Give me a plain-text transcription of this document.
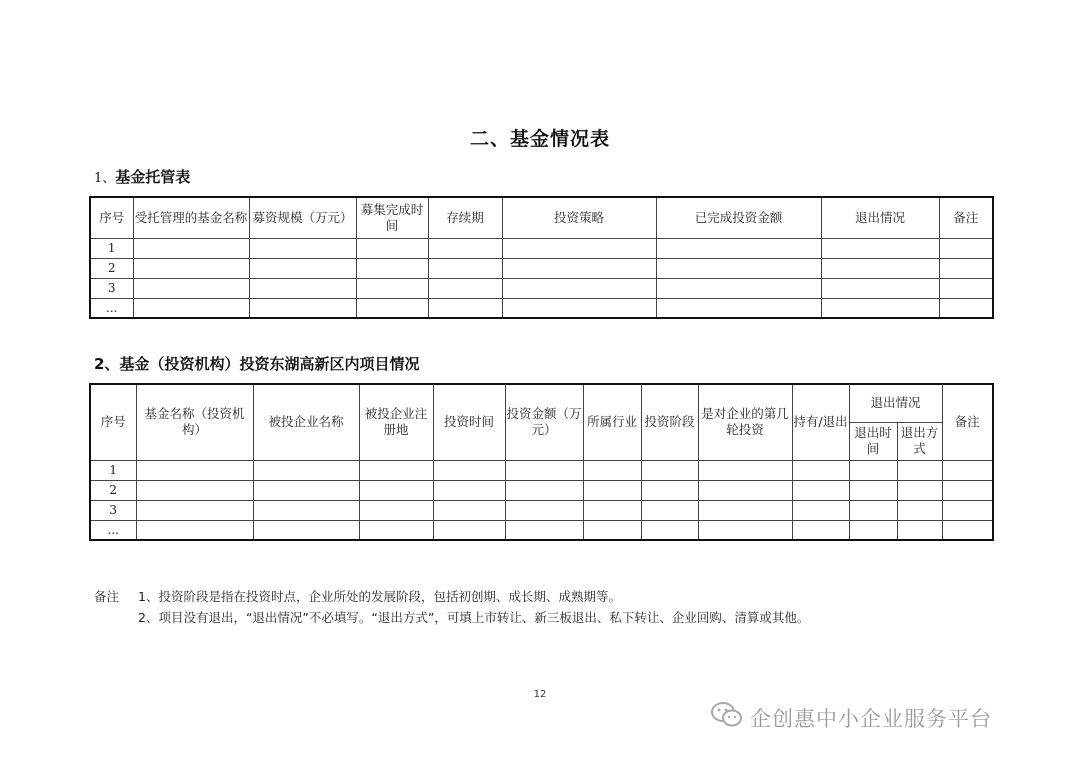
二、基金情况表
1、基金托管表
序号	受托管理的基金名称	募资规模（万元）	募集完成时间	存续期	投资策略	已完成投资金额	退出情况	备注
1								
2								
3								
...								
2、基金（投资机构）投资东湖高新区内项目情况
序号	基金名称（投资机构）	被投企业名称	被投企业注册地	投资时间	投资金额（万元）	所属行业	投资阶段	是对企业的第几轮投资	持有/退出	退出情况		备注
										退出时间	退出方式	
1												
2												
3												
...												
备注 1、投资阶段是指在投资时点，企业所处的发展阶段，包括初创期、成长期、成熟期等。
2、项目没有退出，“退出情况”不必填写。“退出方式”，可填上市转让、新三板退出、私下转让、企业回购、清算或其他。
12
企创惠中小企业服务平台
